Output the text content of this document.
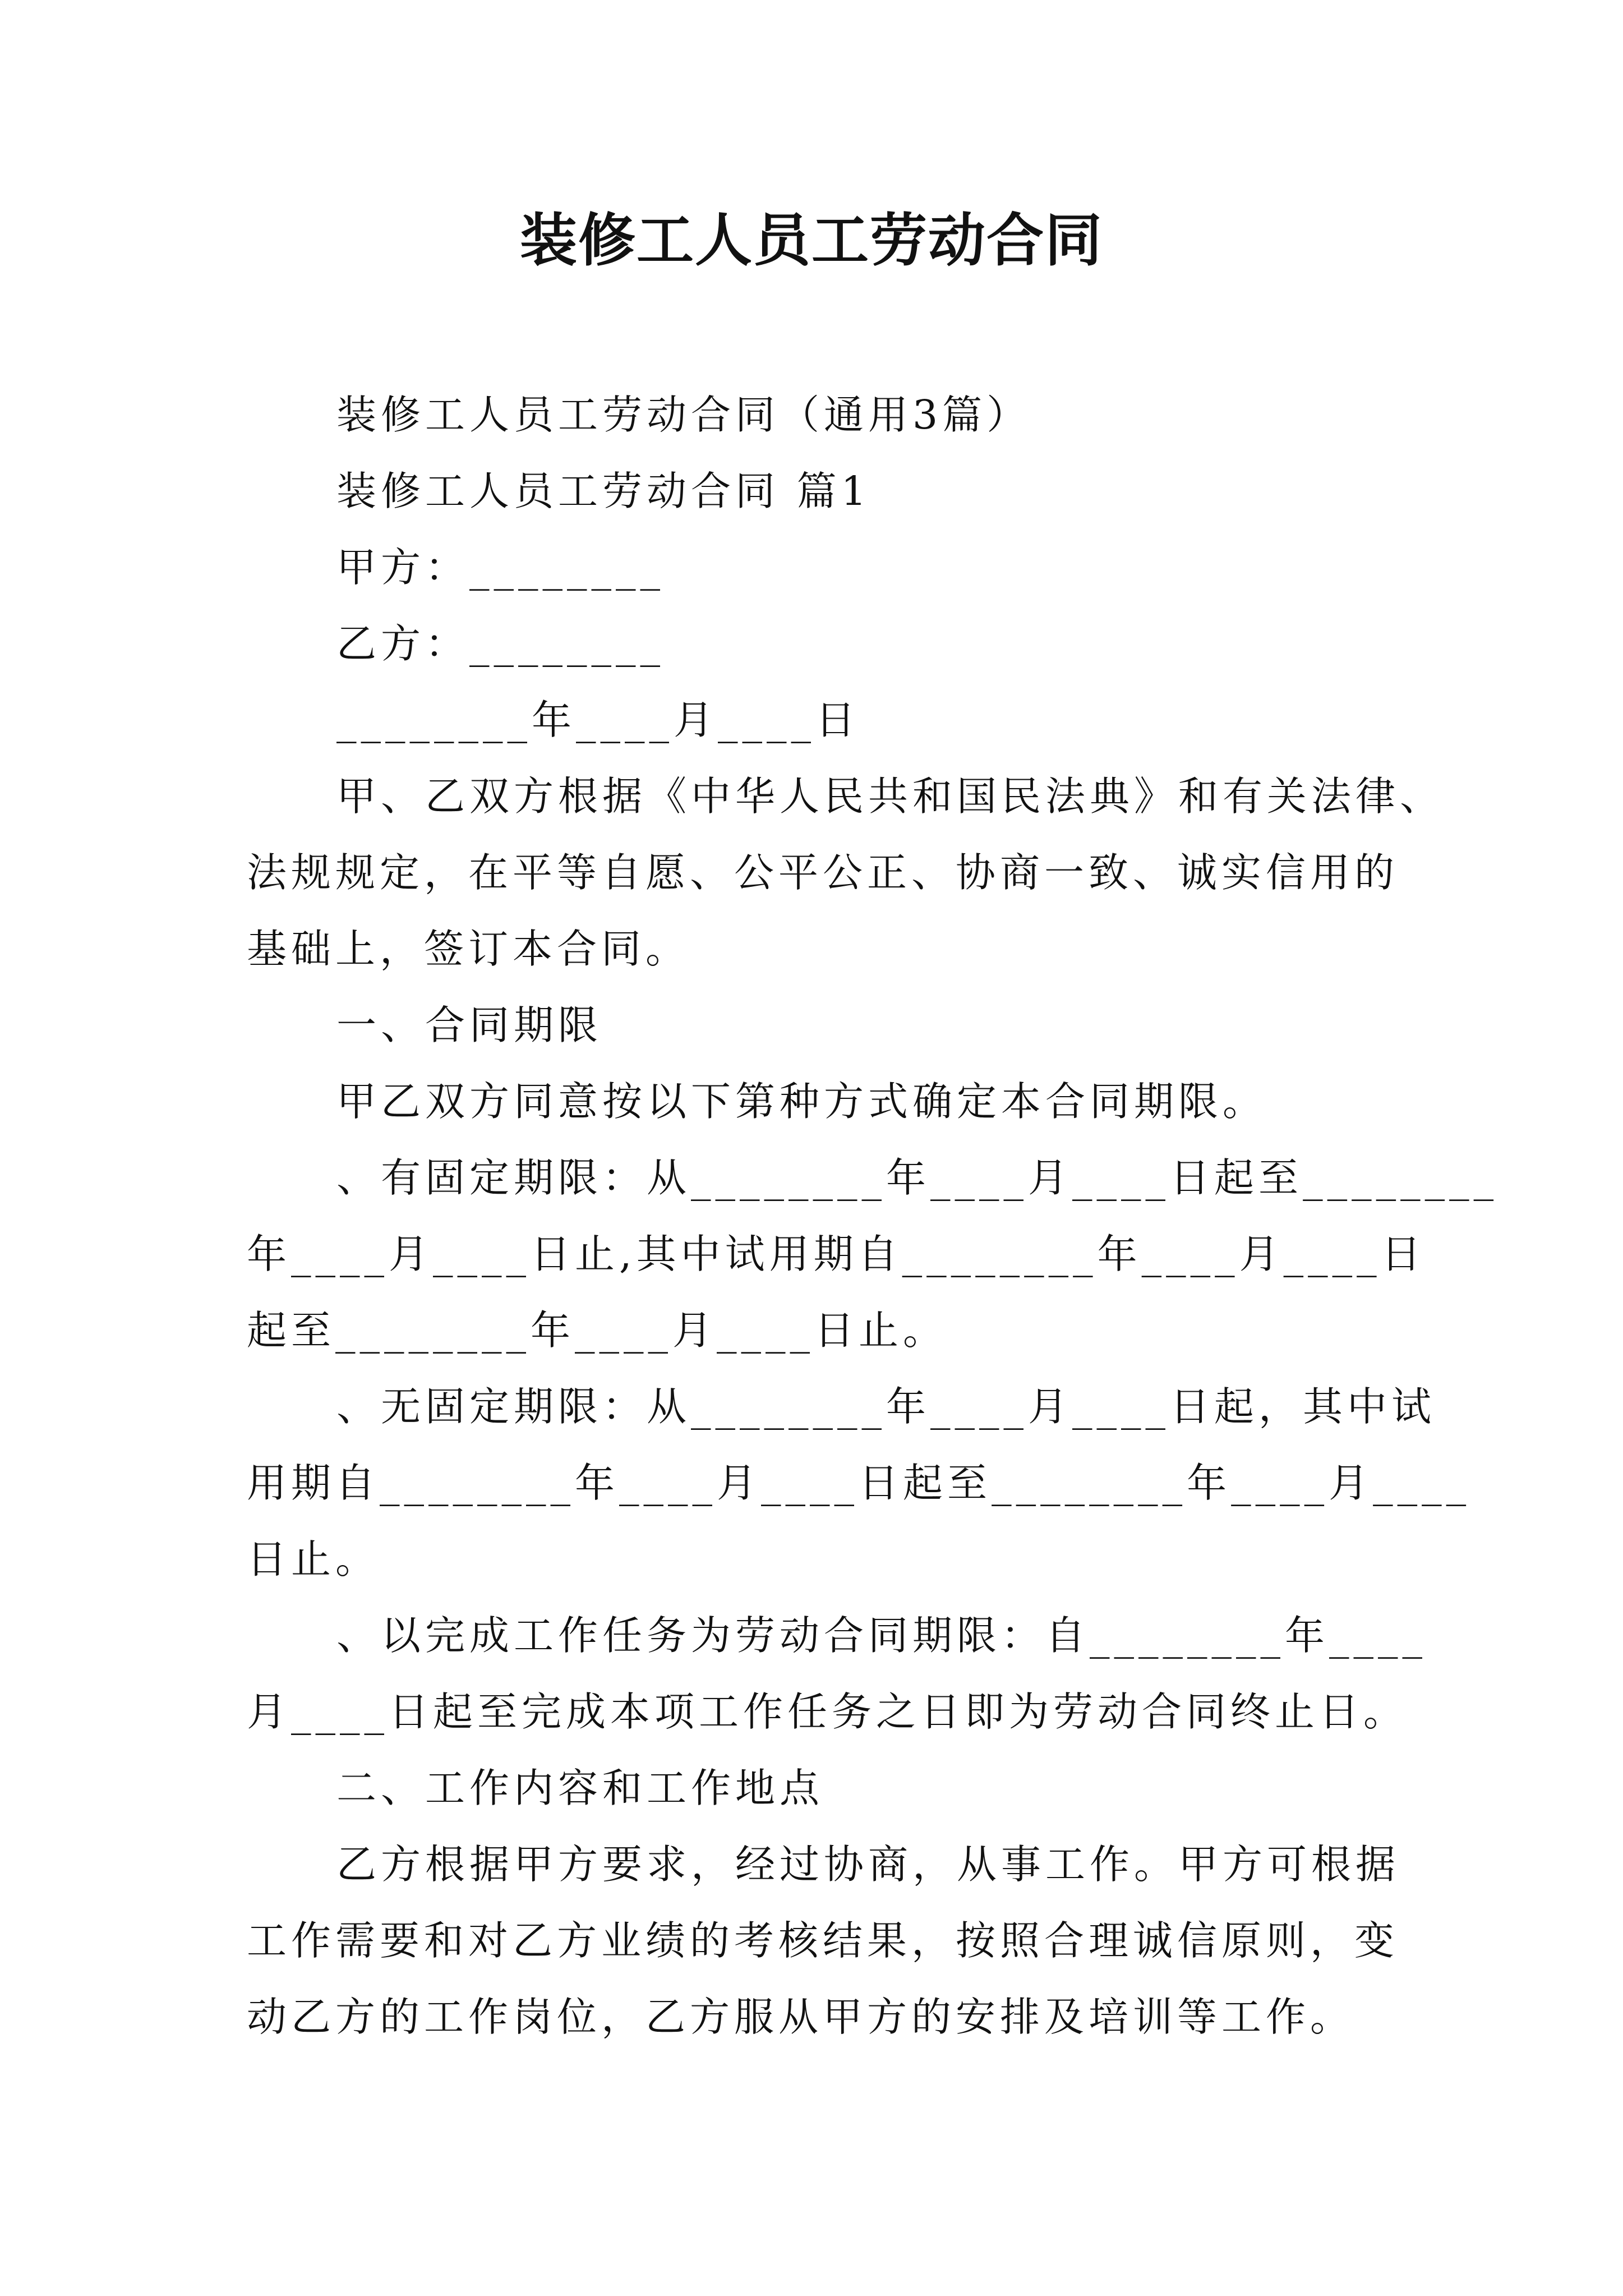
装修工人员工劳动合同
装修工人员工劳动合同（通用3篇）
装修工人员工劳动合同 篇1
甲方：________
乙方：________
________年____月____日
甲、乙双方根据《中华人民共和国民法典》和有关法律、
法规规定，在平等自愿、公平公正、协商一致、诚实信用的
基础上，签订本合同。
一、合同期限
甲乙双方同意按以下第种方式确定本合同期限。
、有固定期限：从________年____月____日起至________
年____月____日止,其中试用期自________年____月____日
起至________年____月____日止。
、无固定期限：从________年____月____日起，其中试
用期自________年____月____日起至________年____月____
日止。
、以完成工作任务为劳动合同期限：自________年____
月____日起至完成本项工作任务之日即为劳动合同终止日。
二、工作内容和工作地点
乙方根据甲方要求，经过协商，从事工作。甲方可根据
工作需要和对乙方业绩的考核结果，按照合理诚信原则，变
动乙方的工作岗位，乙方服从甲方的安排及培训等工作。
